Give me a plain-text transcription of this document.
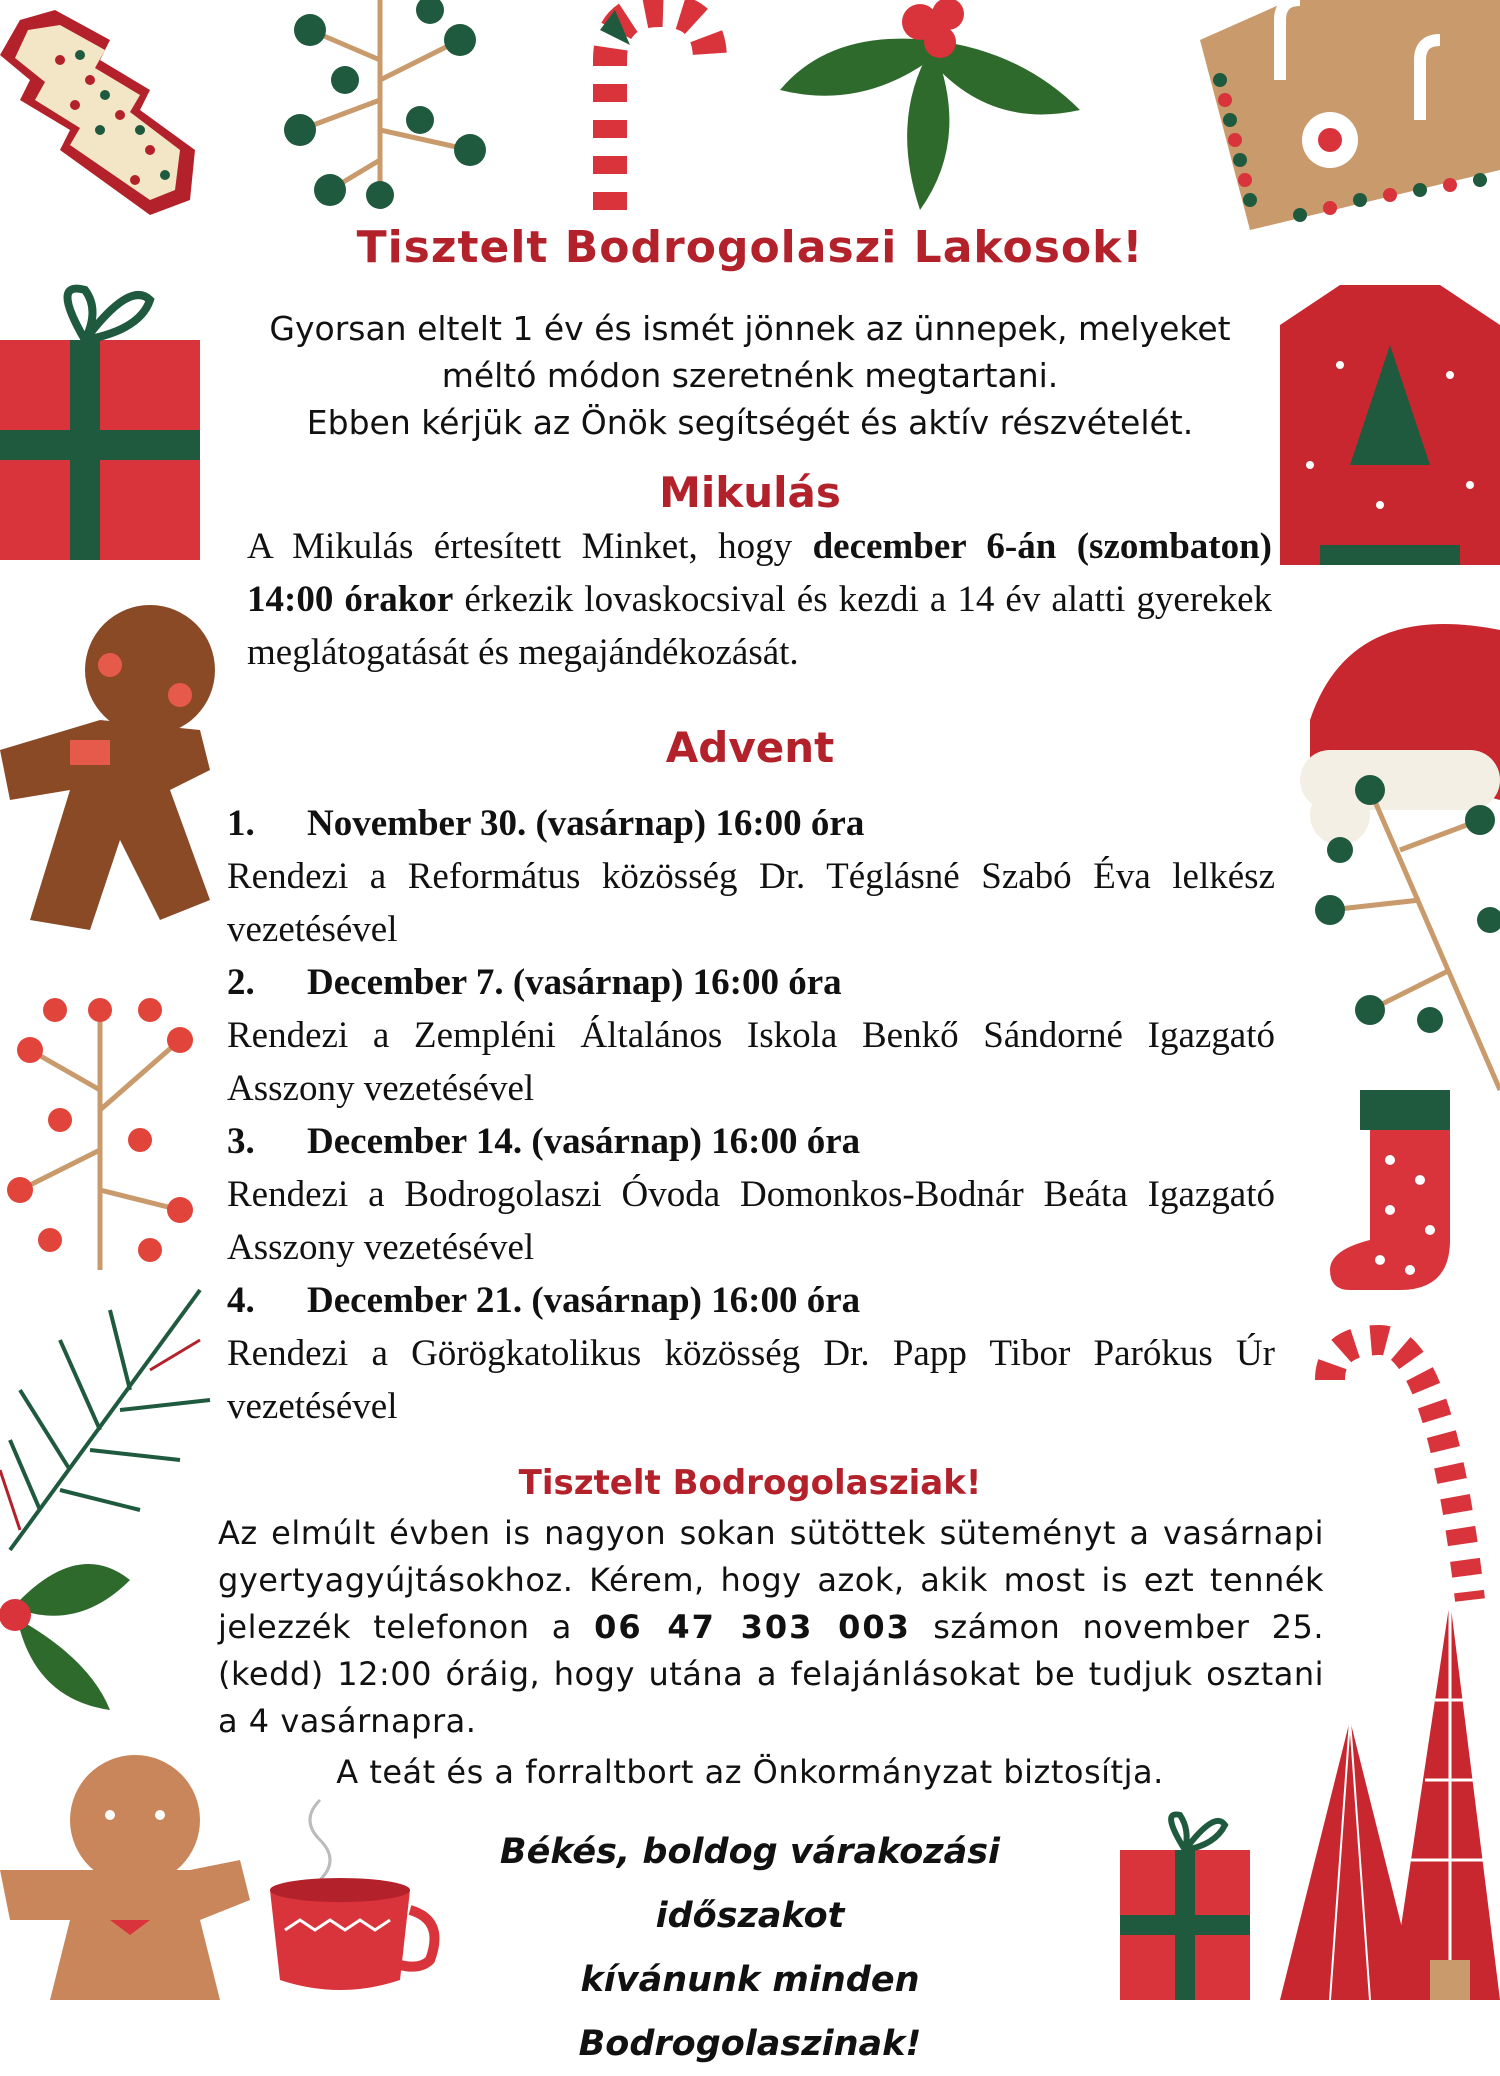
Tisztelt Bodrogolaszi Lakosok!
Gyorsan eltelt 1 év és ismét jönnek az ünnepek, melyeket
méltó módon szeretnénk megtartani.
Ebben kérjük az Önök segítségét és aktív részvételét.
Mikulás
A Mikulás értesített Minket, hogy december 6-án (szombaton) 14:00 órakor érkezik lovaskocsival és kezdi a 14 év alatti gyerekek meglátogatását és megajándékozását.
Advent
1.	November 30. (vasárnap) 16:00 óra
Rendezi a Református közösség Dr. Téglásné Szabó Éva lelkész vezetésével
2.	December 7. (vasárnap) 16:00 óra
Rendezi a Zempléni Általános Iskola Benkő Sándorné Igazgató Asszony vezetésével
3.	December 14. (vasárnap) 16:00 óra
Rendezi a Bodrogolaszi Óvoda Domonkos-Bodnár Beáta Igazgató Asszony vezetésével
4.	December 21. (vasárnap) 16:00 óra
Rendezi a Görögkatolikus közösség Dr. Papp Tibor Parókus Úr vezetésével
Tisztelt Bodrogolasziak!
Az elmúlt évben is nagyon sokan sütöttek süteményt a vasárnapi gyertyagyújtásokhoz. Kérem, hogy azok, akik most is ezt tennék jelezzék telefonon a 06 47 303 003 számon november 25. (kedd) 12:00 óráig, hogy utána a felajánlásokat be tudjuk osztani a 4 vasárnapra.
A teát és a forraltbort az Önkormányzat biztosítja.
Békés, boldog várakozási időszakot
kívánunk minden Bodrogolaszinak!
